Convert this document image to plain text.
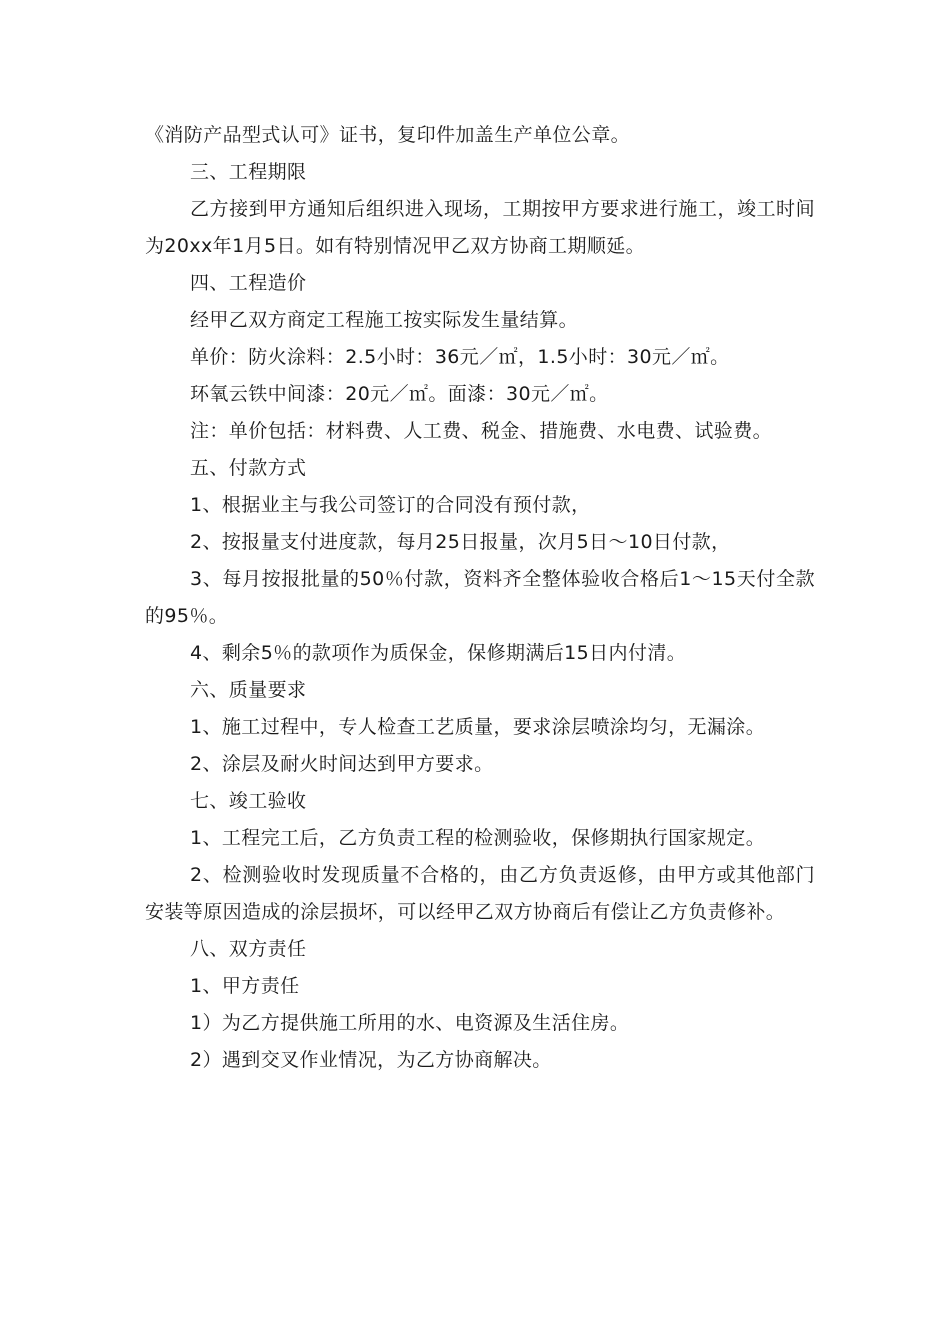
《消防产品型式认可》证书，复印件加盖生产单位公章。

三、工程期限

乙方接到甲方通知后组织进入现场，工期按甲方要求进行施工，竣工时间为20xx年1月5日。如有特别情况甲乙双方协商工期顺延。

四、工程造价

经甲乙双方商定工程施工按实际发生量结算。

单价：防火涂料：2.5小时：36元／㎡，1.5小时：30元／㎡。

环氧云铁中间漆：20元／㎡。面漆：30元／㎡。

注：单价包括：材料费、人工费、税金、措施费、水电费、试验费。

五、付款方式

1、根据业主与我公司签订的合同没有预付款，

2、按报量支付进度款，每月25日报量，次月5日～10日付款，

3、每月按报批量的50％付款，资料齐全整体验收合格后1～15天付全款的95％。

4、剩余5％的款项作为质保金，保修期满后15日内付清。

六、质量要求

1、施工过程中，专人检查工艺质量，要求涂层喷涂均匀，无漏涂。

2、涂层及耐火时间达到甲方要求。

七、竣工验收

1、工程完工后，乙方负责工程的检测验收，保修期执行国家规定。

2、检测验收时发现质量不合格的，由乙方负责返修，由甲方或其他部门安装等原因造成的涂层损坏，可以经甲乙双方协商后有偿让乙方负责修补。

八、双方责任

1、甲方责任

1）为乙方提供施工所用的水、电资源及生活住房。

2）遇到交叉作业情况，为乙方协商解决。
